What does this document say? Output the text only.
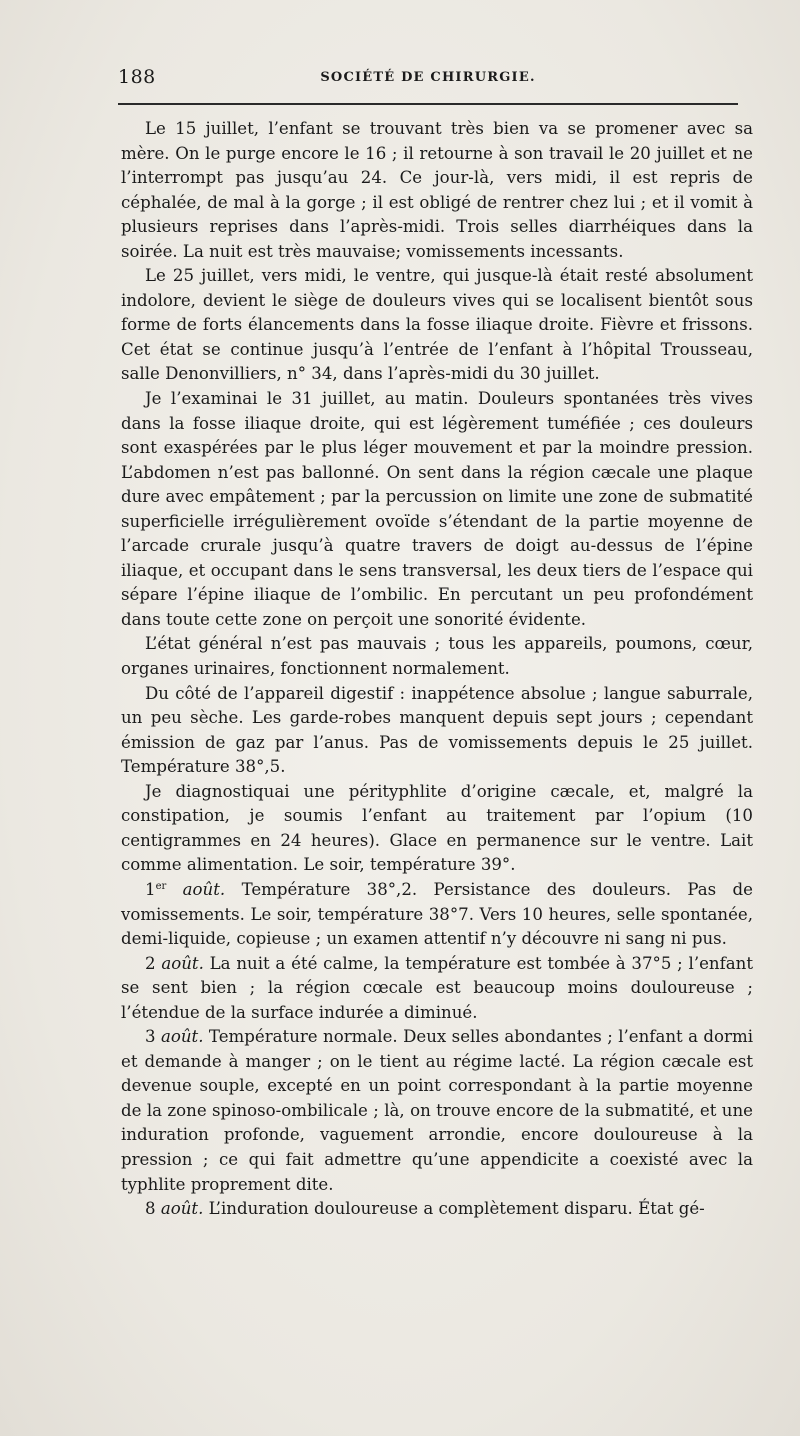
188	SOCIÉTÉ DE CHIRURGIE.

Le 15 juillet, l’enfant se trouvant très bien va se promener avec sa mère. On le purge encore le 16 ; il retourne à son travail le 20 juillet et ne l’interrompt pas jusqu’au 24. Ce jour-là, vers midi, il est repris de céphalée, de mal à la gorge ; il est obligé de rentrer chez lui ; et il vomit à plusieurs reprises dans l’après-midi. Trois selles diarrhéiques dans la soirée. La nuit est très mauvaise; vomissements incessants.

Le 25 juillet, vers midi, le ventre, qui jusque-là était resté absolument indolore, devient le siège de douleurs vives qui se localisent bientôt sous forme de forts élancements dans la fosse iliaque droite. Fièvre et frissons. Cet état se continue jusqu’à l’entrée de l’enfant à l’hôpital Trousseau, salle Denonvilliers, n° 34, dans l’après-midi du 30 juillet.

Je l’examinai le 31 juillet, au matin. Douleurs spontanées très vives dans la fosse iliaque droite, qui est légèrement tuméfiée ; ces douleurs sont exaspérées par le plus léger mouvement et par la moindre pression. L’abdomen n’est pas ballonné. On sent dans la région cæcale une plaque dure avec empâtement ; par la percussion on limite une zone de submatité superficielle irrégulièrement ovoïde s’étendant de la partie moyenne de l’arcade crurale jusqu’à quatre travers de doigt au-dessus de l’épine iliaque, et occupant dans le sens transversal, les deux tiers de l’espace qui sépare l’épine iliaque de l’ombilic. En percutant un peu profondément dans toute cette zone on perçoit une sonorité évidente.

L’état général n’est pas mauvais ; tous les appareils, poumons, cœur, organes urinaires, fonctionnent normalement.

Du côté de l’appareil digestif : inappétence absolue ; langue saburrale, un peu sèche. Les garde-robes manquent depuis sept jours ; cependant émission de gaz par l’anus. Pas de vomissements depuis le 25 juillet. Température 38°,5.

Je diagnostiquai une pérityphlite d’origine cæcale, et, malgré la constipation, je soumis l’enfant au traitement par l’opium (10 centigrammes en 24 heures). Glace en permanence sur le ventre. Lait comme alimentation. Le soir, température 39°.

1er août. Température 38°,2. Persistance des douleurs. Pas de vomissements. Le soir, température 38°7. Vers 10 heures, selle spontanée, demi-liquide, copieuse ; un examen attentif n’y découvre ni sang ni pus.

2 août. La nuit a été calme, la température est tombée à 37°5 ; l’enfant se sent bien ; la région cœcale est beaucoup moins douloureuse ; l’étendue de la surface indurée a diminué.

3 août. Température normale. Deux selles abondantes ; l’enfant a dormi et demande à manger ; on le tient au régime lacté. La région cæcale est devenue souple, excepté en un point correspondant à la partie moyenne de la zone spinoso-ombilicale ; là, on trouve encore de la submatité, et une induration profonde, vaguement arrondie, encore douloureuse à la pression ; ce qui fait admettre qu’une appendicite a coexisté avec la typhlite proprement dite.

8 août. L’induration douloureuse a complètement disparu. État gé-
